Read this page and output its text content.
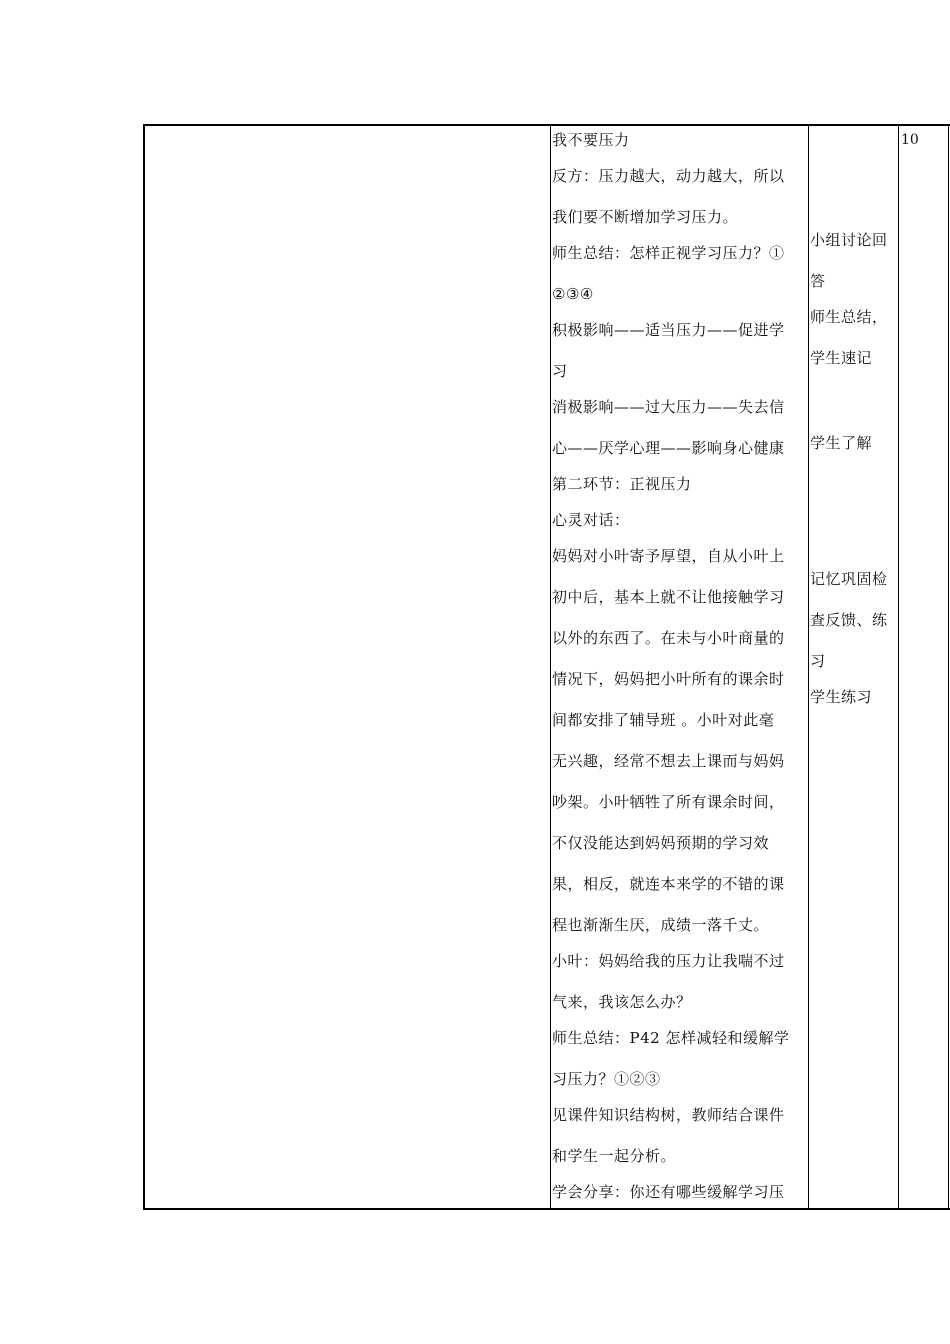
我不要压力
反方：压力越大，动力越大，所以
我们要不断增加学习压力。
师生总结：怎样正视学习压力？①
②③④
积极影响——适当压力——促进学
习
消极影响——过大压力——失去信
心——厌学心理——影响身心健康
第二环节：正视压力
心灵对话：
妈妈对小叶寄予厚望，自从小叶上
初中后，基本上就不让他接触学习
以外的东西了。在未与小叶商量的
情况下，妈妈把小叶所有的课余时
间都安排了辅导班 。小叶对此毫
无兴趣，经常不想去上课而与妈妈
吵架。小叶牺牲了所有课余时间，
不仅没能达到妈妈预期的学习效
果，相反，就连本来学的不错的课
程也渐渐生厌，成绩一落千丈。
小叶：妈妈给我的压力让我喘不过
气来，我该怎么办？
师生总结：P42 怎样减轻和缓解学
习压力？①②③
见课件知识结构树，教师结合课件
和学生一起分析。
学会分享：你还有哪些缓解学习压
小组讨论回
答
师生总结，
学生速记
学生了解
记忆巩固检
查反馈、练
习
学生练习
10
